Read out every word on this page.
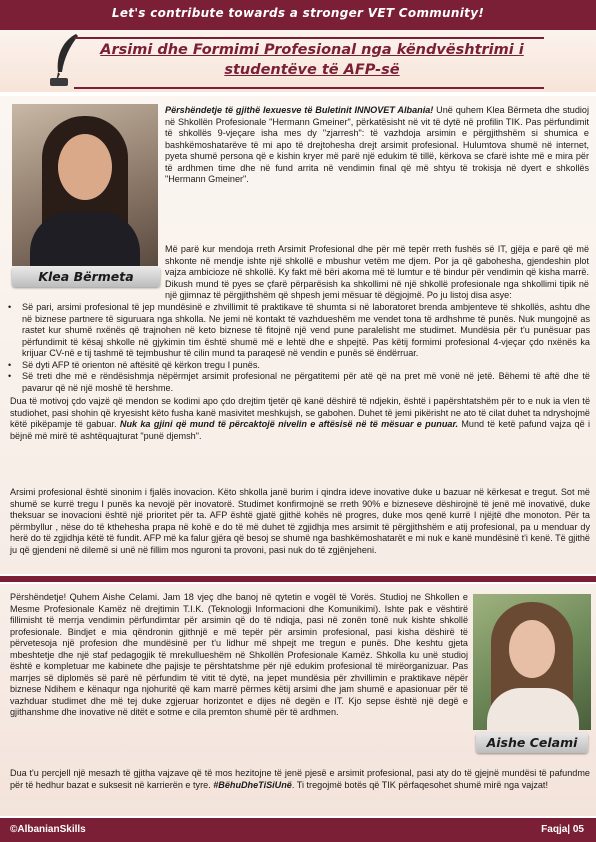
Let's contribute towards a stronger VET Community!
Arsimi dhe Formimi Profesional nga këndvështrimi i studentëve të AFP-së
Klea Bërmeta
Përshëndetje të gjithë lexuesve të Buletinit INNOVET Albania! Unë quhem Klea Bërmeta dhe studioj në Shkollën Profesionale "Hermann Gmeiner", përkatësisht në vit të dytë në profilin TIK. Pas përfundimit të shkollës 9-vjeçare isha mes dy "zjarresh": të vazhdoja arsimin e përgjithshëm si shumica e bashkëmoshatarëve të mi apo të drejtohesha drejt arsimit profesional. Hulumtova shumë në internet, pyeta shumë persona që e kishin kryer më parë një edukim të tillë, kërkova se cfarë ishte më e mira për të ardhmen time dhe në fund arrita në vendimin final që më shtyu të trokisja në dyert e shkollës "Hermann Gmeiner".
Më parë kur mendoja rreth Arsimit Profesional dhe për më tepër rreth fushës së IT, gjëja e parë që më shkonte në mendje ishte një shkollë e mbushur vetëm me djem. Por ja që gabohesha, gjendeshin plot vajza ambicioze në shkollë. Ky fakt më bëri akoma më të lumtur e të bindur për vendimin që kisha marrë. Dikush mund të pyes se çfarë përparësish ka shkollimi në një shkollë profesionale nga shkollimi tipik në një gjimnaz të përgjithshëm që shpesh jemi mësuar të dëgjojmë. Po ju listoj disa asye:
• Së pari, arsimi profesional të jep mundësinë e zhvillimit të praktikave të shumta si në laboratoret brenda ambjenteve të shkollës, ashtu dhe në biznese partnere të siguruara nga shkolla. Ne jemi në kontakt të vazhdueshëm me vendet tona të ardhshme të punës. Nuk mungojnë as rastet kur shumë nxënës që trajnohen në keto biznese të fitojnë një vend pune paralelisht me studimet. Mundësia për t'u punësuar pas përfundimit të kësaj shkolle në gjykimin tim është shumë më e lehtë dhe e shpejtë. Pas këtij formimi profesional 4-vjeçar çdo nxënës ka krijuar CV-në e tij tashmë të tejmbushur të cilin mund ta paraqesë në vendin e punës së ëndërruar.
• Së dyti AFP të orienton në aftësitë që kërkon tregu I punës.
• Së treti dhe më e rëndësishmja nëpërmjet arsimit profesional ne përgatitemi për atë që na pret më vonë në jetë. Bëhemi të aftë dhe të pavarur që në një moshë të hershme.
Dua të motivoj çdo vajzë që mendon se kodimi apo çdo drejtim tjetër që kanë dëshirë të ndjekin, është i papërshtatshëm për to e nuk ia vlen të studiohet, pasi shohin që kryesisht këto fusha kanë masivitet meshkujsh, se gabohen. Duhet të jemi pikërisht ne ato të cilat duhet ta ndryshojmë këtë pikëpamje të gabuar. Nuk ka gjini që mund të përcaktojë nivelin e aftësisë në të mësuar e punuar. Mund të ketë pafund vajza që i bëjnë më mirë të ashtëquajturat "punë djemsh".
Arsimi profesional është sinonim i fjalës inovacion. Këto shkolla janë burim i qindra ideve inovative duke u bazuar në kërkesat e tregut. Sot më shumë se kurrë tregu I punës ka nevojë për inovatorë. Studimet konfirmojnë se rreth 90% e bizneseve dëshirojnë të jenë më inovativë, duke theksuar se inovacioni është një prioritet për ta. AFP është gjatë gjithë kohës në progres, duke mos qenë kurrë I njëjtë dhe monoton. Për ta përmbyllur , nëse do të kthehesha prapa në kohë e do të më duhet të zgjidhja mes arsimit të përgjithshëm e atij profesional, pa u menduar dy herë do të zgjidhja këtë të fundit. AFP më ka falur gjëra që besoj se shumë nga bashkëmoshatarët e mi nuk e kanë mundësinë t'i kenë. Të gjithë ju që gjendeni në dilemë si unë në fillim mos nguroni ta provoni, pasi nuk do të zgjënjeheni.
Përshëndetje! Quhem Aishe Celami. Jam 18 vjeç dhe banoj në qytetin e vogël të Vorës. Studioj ne Shkollen e Mesme Profesionale Kamëz në drejtimin T.I.K. (Teknologji Informacioni dhe Komunikimi). Ishte pak e vështirë fillimisht të merrja vendimin përfundimtar për arsimin që do të ndiqja, pasi në zonën tonë nuk kishte shkollë profesionale. Bindjet e mia qëndronin gjithnjë e më tepër për arsimin profesional, pasi kisha dëshirë të përvetesoja një profesion dhe mundësinë per t'u lidhur më shpejt me tregun e punës. Dhe keshtu gjeta mbeshtetje dhe një staf pedagogjik të mrekullueshëm në Shkollën Profesionale Kamëz. Shkolla ku unë studioj është e kompletuar me kabinete dhe pajisje te përshtatshme për një edukim profesional të mirëorganizuar. Pas marrjes së diplomës së parë në përfundim të vitit të dytë, na jepet mundësia për zhvillimin e praktikave nëpër biznese Ndihem e kënaqur nga njohuritë që kam marrë përmes këtij arsimi dhe jam shumë e apasionuar për të vazhduar studimet dhe më tej duke zgjeruar horizontet e dijes në degën e IT. Kjo sepse është një degë e gjithanshme dhe inovative në ditët e sotme e cila premton shumë për të ardhmen.
Aishe Celami
Dua t'u percjell një mesazh të gjitha vajzave që të mos hezitojne të jenë pjesë e arsimit profesional, pasi aty do të gjejnë mundësi të pafundme për të hedhur bazat e suksesit në karrierën e tyre. #BëhuDheTiSiUnë. Ti tregojmë botës që TIK përfaqesohet shumë mirë nga vajzat!
©AlbanianSkills	Faqja| 05
